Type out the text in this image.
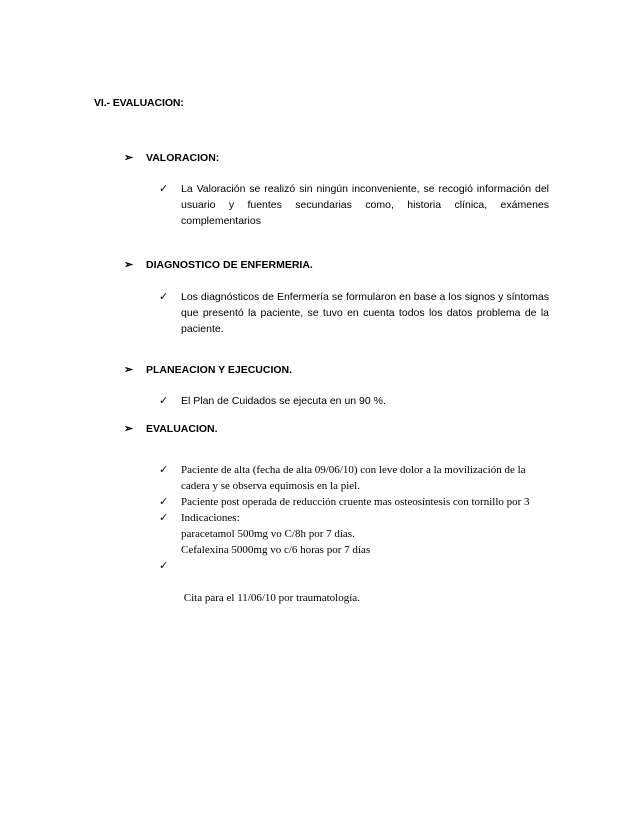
VI.- EVALUACION:
➢ VALORACION:
✓ La Valoración se realizó sin ningún inconveniente, se recogió información del usuario y fuentes secundarias como, historia clínica, exámenes complementarios
➢ DIAGNOSTICO DE ENFERMERIA.
✓ Los diagnósticos de Enfermería se formularon en base a los signos y síntomas que presentó la paciente, se tuvo en cuenta todos los datos problema de la paciente.
➢ PLANEACION Y EJECUCION.
✓ El Plan de Cuidados se ejecuta en un 90 %.
➢ EVALUACION.
✓ Paciente de alta (fecha de alta 09/06/10) con leve dolor a la movilización de la
cadera y se observa equimosis en la piel.
✓ Paciente post operada de reducción cruente mas osteosíntesis con tornillo por 3
✓ Indicaciones:
paracetamol 500mg vo C/8h por 7 días.
Cefalexina 5000mg vo c/6 horas por 7 días
✓

Cita para el 11/06/10 por traumatología.
